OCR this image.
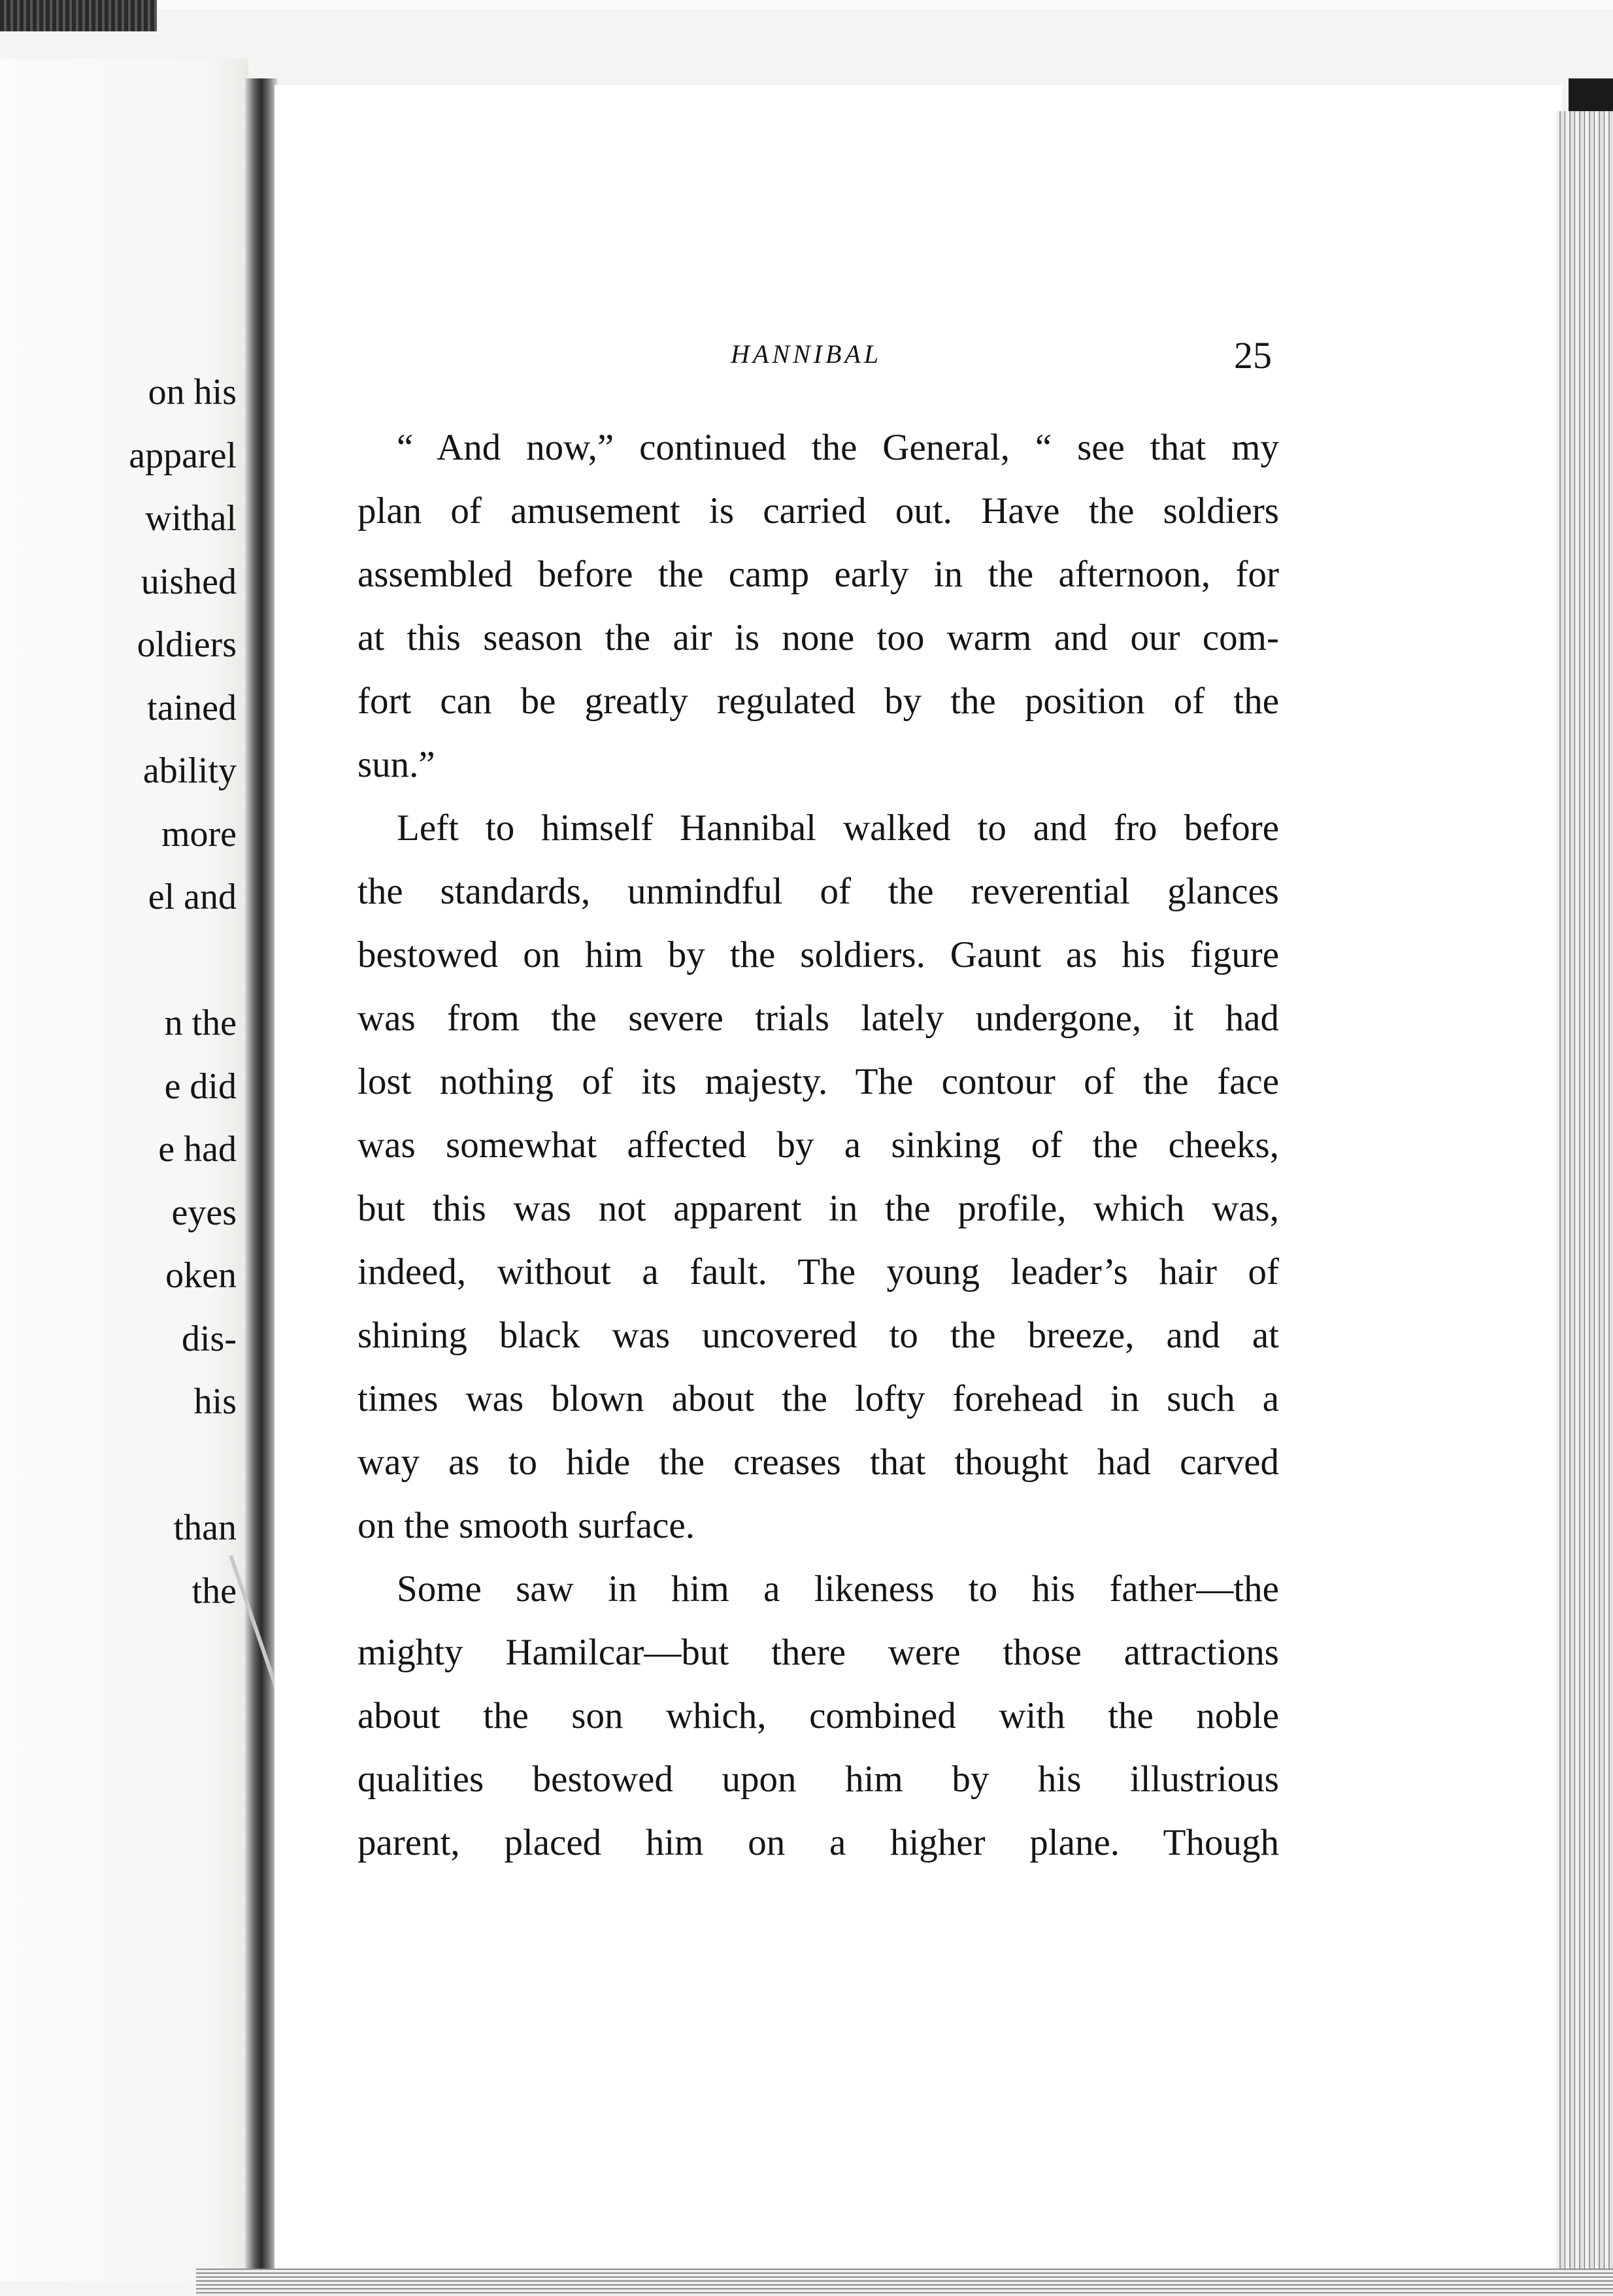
on his
apparel
withal
uished
oldiers
tained
ability
more
el and
n the
e did
e had
eyes
oken
dis-
his
than
the
HANNIBAL	25
“ And now,” continued the General, “ see that my
plan of amusement is carried out. Have the soldiers
assembled before the camp early in the afternoon, for
at this season the air is none too warm and our com-
fort can be greatly regulated by the position of the
sun.”
Left to himself Hannibal walked to and fro before
the standards, unmindful of the reverential glances
bestowed on him by the soldiers. Gaunt as his figure
was from the severe trials lately undergone, it had
lost nothing of its majesty. The contour of the face
was somewhat affected by a sinking of the cheeks,
but this was not apparent in the profile, which was,
indeed, without a fault. The young leader’s hair of
shining black was uncovered to the breeze, and at
times was blown about the lofty forehead in such a
way as to hide the creases that thought had carved
on the smooth surface.
Some saw in him a likeness to his father—the
mighty Hamilcar—but there were those attractions
about the son which, combined with the noble
qualities bestowed upon him by his illustrious
parent, placed him on a higher plane. Though
